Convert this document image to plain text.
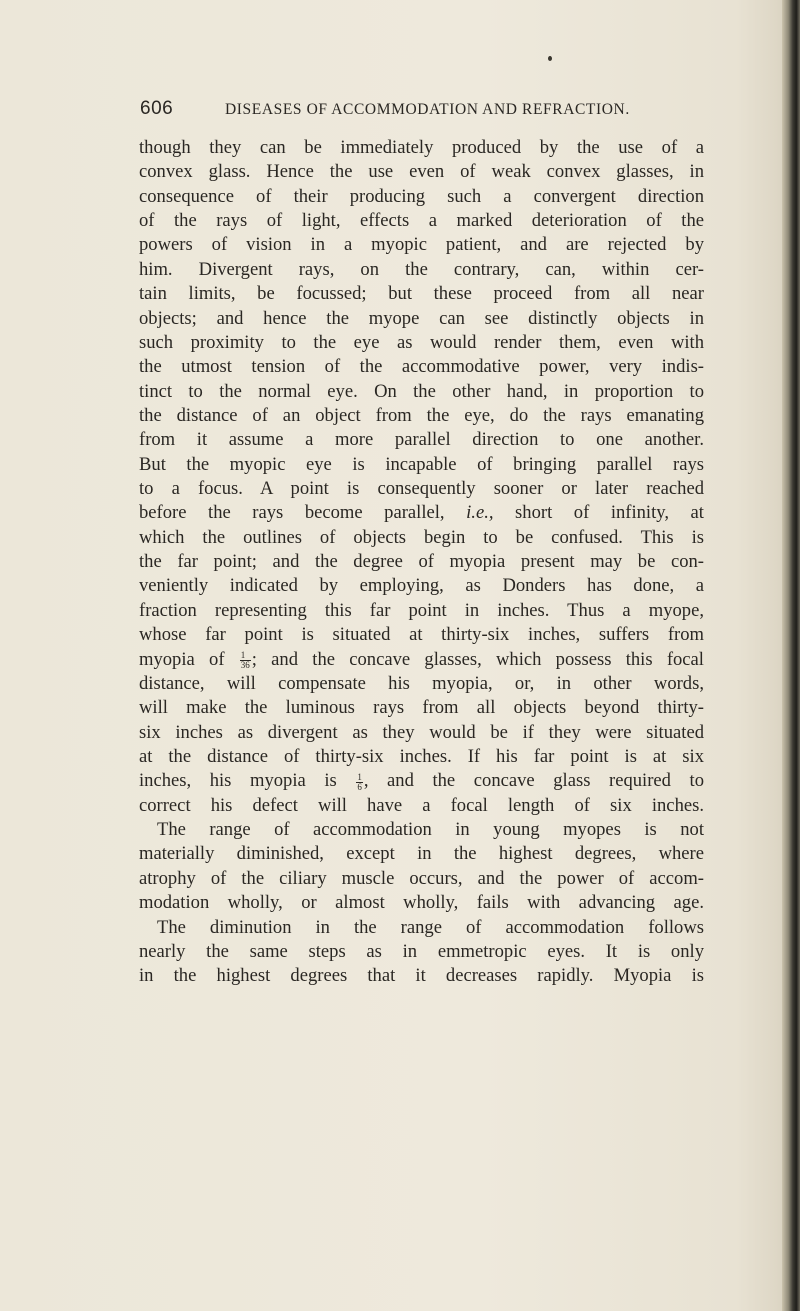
606	DISEASES OF ACCOMMODATION AND REFRACTION.
though they can be immediately produced by the use of a
convex glass. Hence the use even of weak convex glasses, in
consequence of their producing such a convergent direction
of the rays of light, effects a marked deterioration of the
powers of vision in a myopic patient, and are rejected by
him. Divergent rays, on the contrary, can, within cer-
tain limits, be focussed; but these proceed from all near
objects; and hence the myope can see distinctly objects in
such proximity to the eye as would render them, even with
the utmost tension of the accommodative power, very indis-
tinct to the normal eye. On the other hand, in proportion to
the distance of an object from the eye, do the rays emanating
from it assume a more parallel direction to one another.
But the myopic eye is incapable of bringing parallel rays
to a focus. A point is consequently sooner or later reached
before the rays become parallel, i.e., short of infinity, at
which the outlines of objects begin to be confused. This is
the far point; and the degree of myopia present may be con-
veniently indicated by employing, as Donders has done, a
fraction representing this far point in inches. Thus a myope,
whose far point is situated at thirty-six inches, suffers from
myopia of $\frac{1}{36}$ ; and the concave glasses, which possess this focal
distance, will compensate his myopia, or, in other words,
will make the luminous rays from all objects beyond thirty-
six inches as divergent as they would be if they were situated
at the distance of thirty-six inches. If his far point is at six
inches, his myopia is $\frac{1}{6}$ , and the concave glass required to
correct his defect will have a focal length of six inches.
The range of accommodation in young myopes is not
materially diminished, except in the highest degrees, where
atrophy of the ciliary muscle occurs, and the power of accom-
modation wholly, or almost wholly, fails with advancing age.
The diminution in the range of accommodation follows
nearly the same steps as in emmetropic eyes. It is only
in the highest degrees that it decreases rapidly. Myopia is
